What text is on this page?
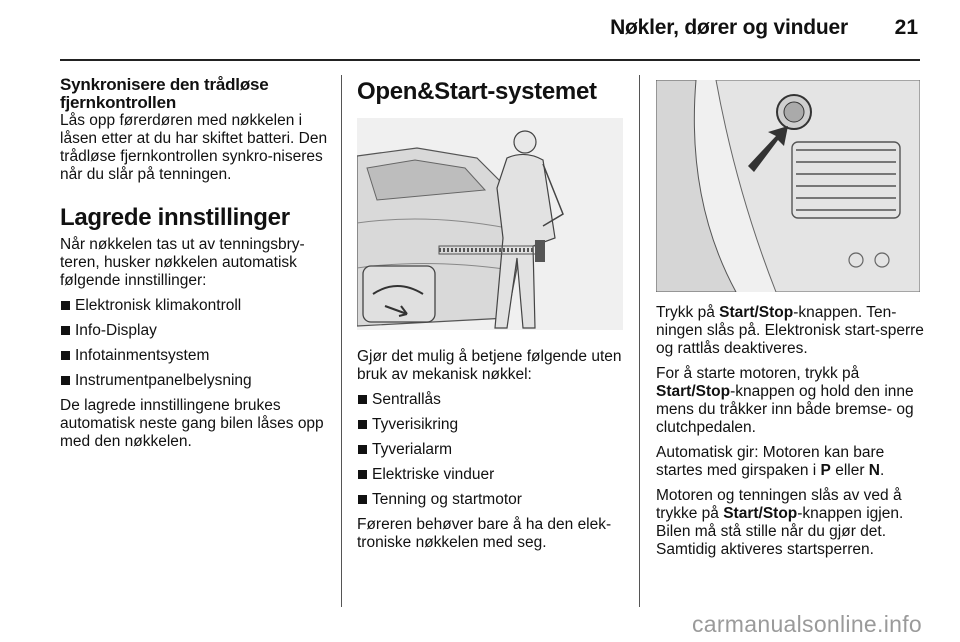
Nøkler, dører og vinduer 21
Synkronisere den trådløse fjernkontrollen

Lås opp førerdøren med nøkkelen i låsen etter at du har skiftet batteri. Den trådløse fjernkontrollen synkro-niseres når du slår på tenningen.

Lagrede innstillinger

Når nøkkelen tas ut av tenningsbry-teren, husker nøkkelen automatisk følgende innstillinger:

Elektronisk klimakontroll
Info-Display
Infotainmentsystem
Instrumentpanelbelysning

De lagrede innstillingene brukes automatisk neste gang bilen låses opp med den nøkkelen.

Open&Start-systemet

Gjør det mulig å betjene følgende uten bruk av mekanisk nøkkel:

Sentrallås
Tyverisikring
Tyverialarm
Elektriske vinduer
Tenning og startmotor

Føreren behøver bare å ha den elek-troniske nøkkelen med seg.

Trykk på Start/Stop-knappen. Ten-ningen slås på. Elektronisk start-sperre og rattlås deaktiveres.

For å starte motoren, trykk på Start/Stop-knappen og hold den inne mens du tråkker inn både bremse- og clutchpedalen.

Automatisk gir: Motoren kan bare startes med girspaken i P eller N.

Motoren og tenningen slås av ved å trykke på Start/Stop-knappen igjen. Bilen må stå stille når du gjør det. Samtidig aktiveres startsperren.

carmanualsonline.info
